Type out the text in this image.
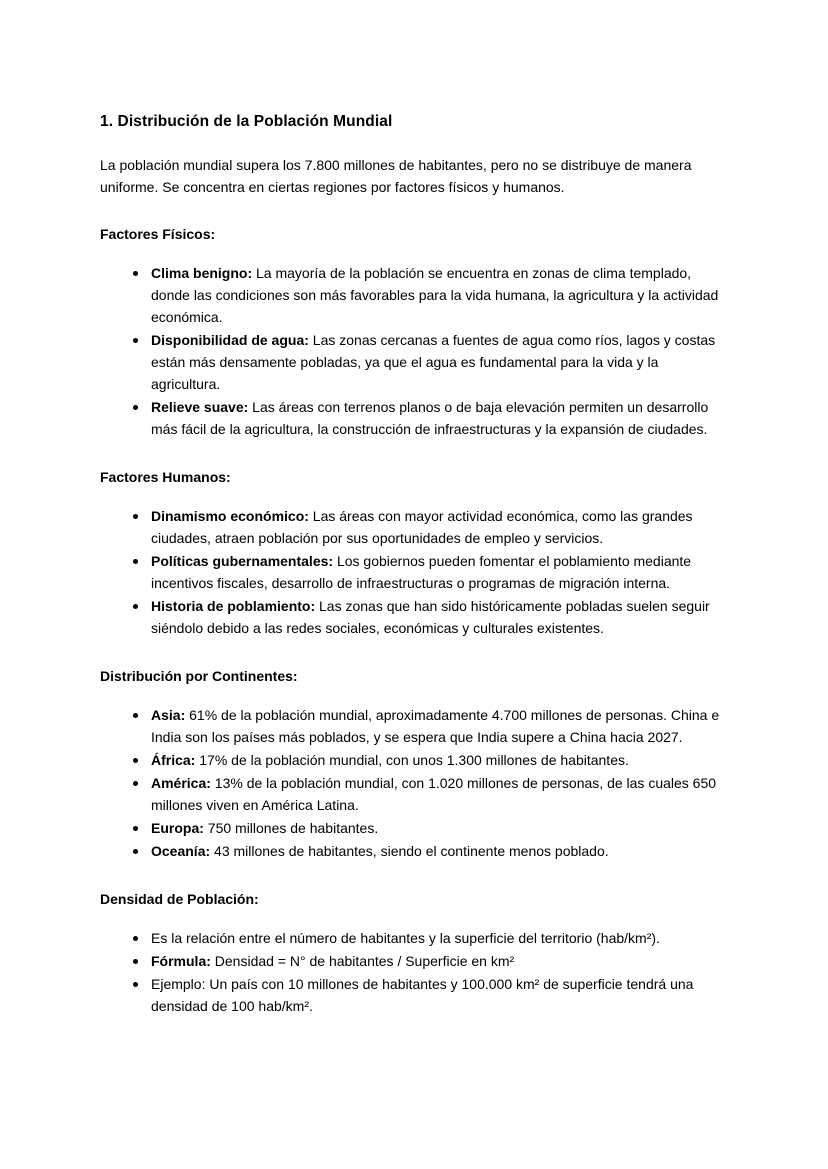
1. Distribución de la Población Mundial

La población mundial supera los 7.800 millones de habitantes, pero no se distribuye de manera uniforme. Se concentra en ciertas regiones por factores físicos y humanos.

Factores Físicos:
Clima benigno: La mayoría de la población se encuentra en zonas de clima templado, donde las condiciones son más favorables para la vida humana, la agricultura y la actividad económica.
Disponibilidad de agua: Las zonas cercanas a fuentes de agua como ríos, lagos y costas están más densamente pobladas, ya que el agua es fundamental para la vida y la agricultura.
Relieve suave: Las áreas con terrenos planos o de baja elevación permiten un desarrollo más fácil de la agricultura, la construcción de infraestructuras y la expansión de ciudades.
Factores Humanos:
Dinamismo económico: Las áreas con mayor actividad económica, como las grandes ciudades, atraen población por sus oportunidades de empleo y servicios.
Políticas gubernamentales: Los gobiernos pueden fomentar el poblamiento mediante incentivos fiscales, desarrollo de infraestructuras o programas de migración interna.
Historia de poblamiento: Las zonas que han sido históricamente pobladas suelen seguir siéndolo debido a las redes sociales, económicas y culturales existentes.
Distribución por Continentes:
Asia: 61% de la población mundial, aproximadamente 4.700 millones de personas. China e India son los países más poblados, y se espera que India supere a China hacia 2027.
África: 17% de la población mundial, con unos 1.300 millones de habitantes.
América: 13% de la población mundial, con 1.020 millones de personas, de las cuales 650 millones viven en América Latina.
Europa: 750 millones de habitantes.
Oceanía: 43 millones de habitantes, siendo el continente menos poblado.
Densidad de Población:
Es la relación entre el número de habitantes y la superficie del territorio (hab/km²).
Fórmula: Densidad = N° de habitantes / Superficie en km²
Ejemplo: Un país con 10 millones de habitantes y 100.000 km² de superficie tendrá una densidad de 100 hab/km².
